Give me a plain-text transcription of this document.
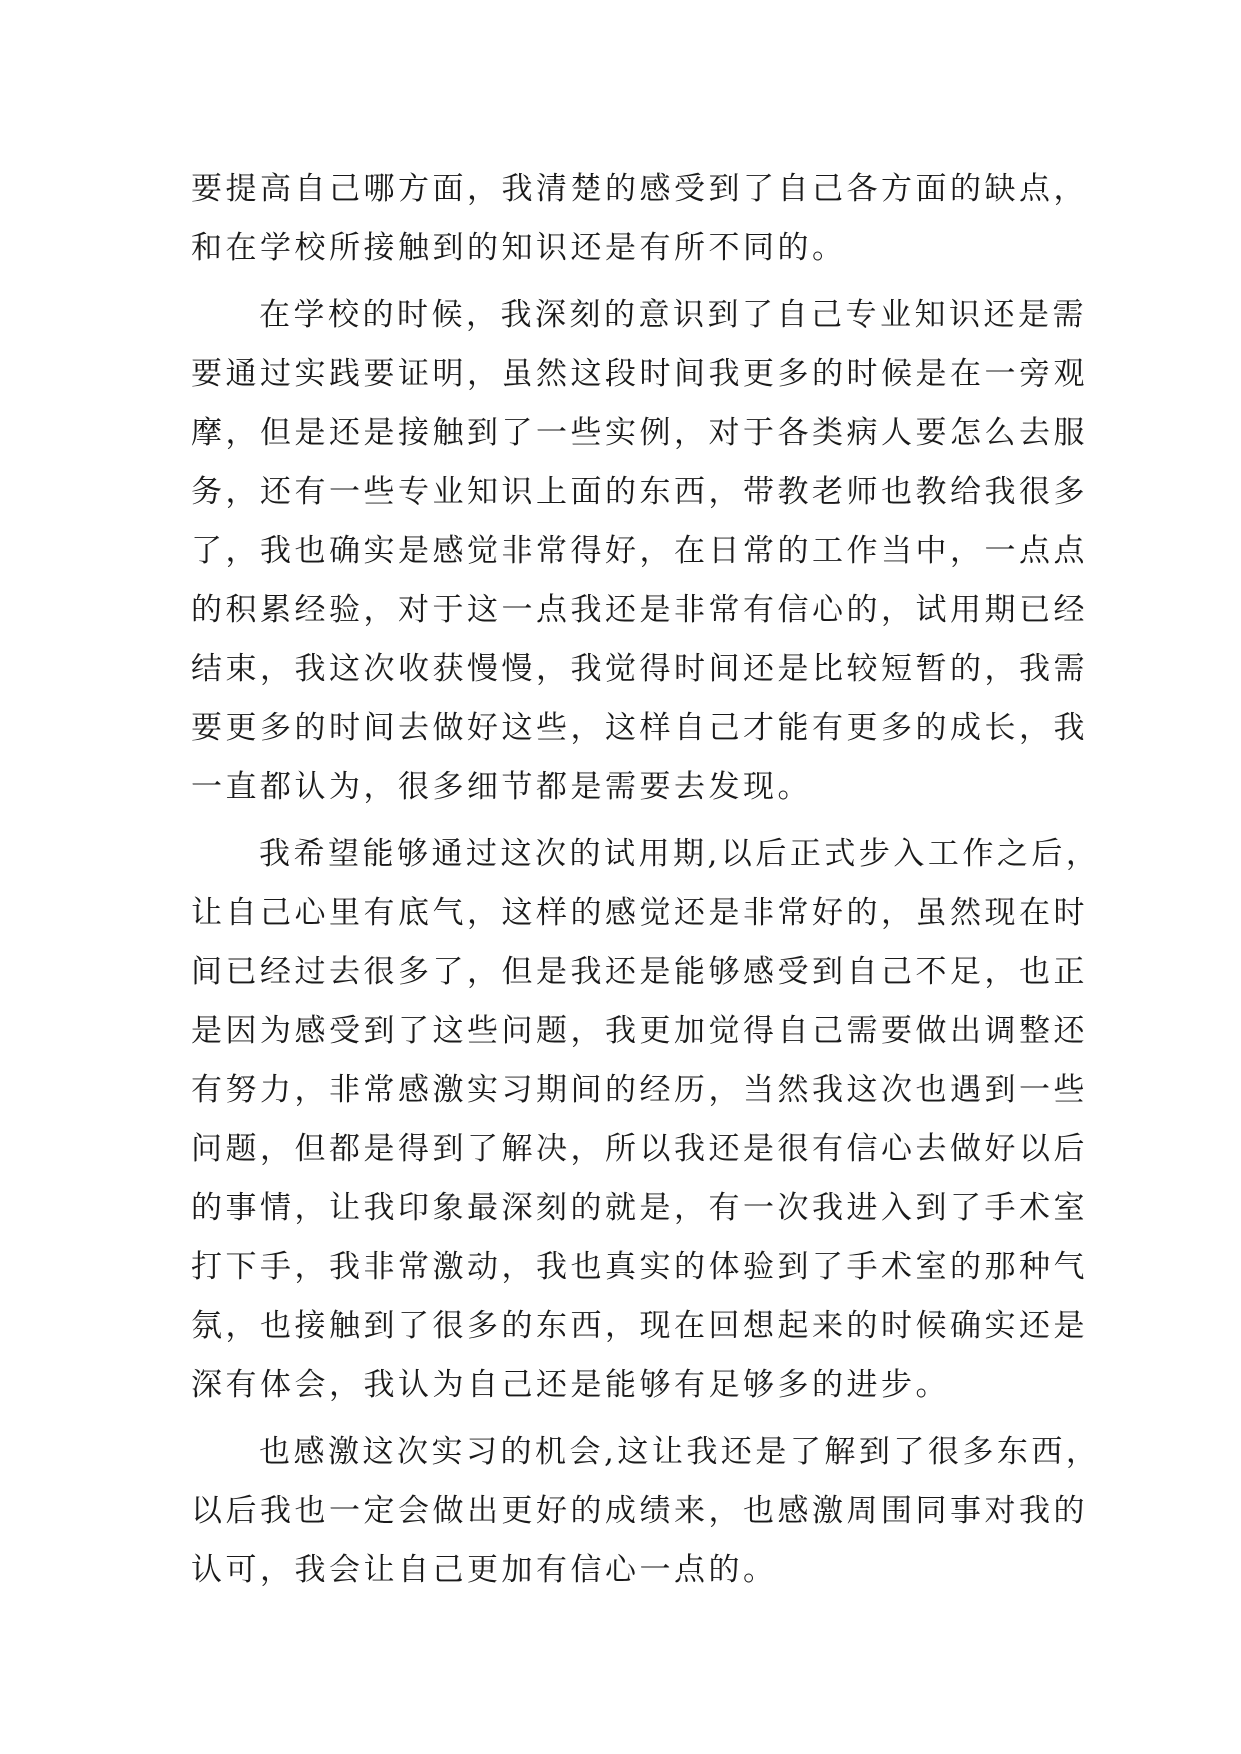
要提高自己哪方面，我清楚的感受到了自己各方面的缺点，
和在学校所接触到的知识还是有所不同的。
在学校的时候，我深刻的意识到了自己专业知识还是需
要通过实践要证明，虽然这段时间我更多的时候是在一旁观
摩，但是还是接触到了一些实例，对于各类病人要怎么去服
务，还有一些专业知识上面的东西，带教老师也教给我很多
了，我也确实是感觉非常得好，在日常的工作当中，一点点
的积累经验，对于这一点我还是非常有信心的，试用期已经
结束，我这次收获慢慢，我觉得时间还是比较短暂的，我需
要更多的时间去做好这些，这样自己才能有更多的成长，我
一直都认为，很多细节都是需要去发现。
我希望能够通过这次的试用期,以后正式步入工作之后，
让自己心里有底气，这样的感觉还是非常好的，虽然现在时
间已经过去很多了，但是我还是能够感受到自己不足，也正
是因为感受到了这些问题，我更加觉得自己需要做出调整还
有努力，非常感激实习期间的经历，当然我这次也遇到一些
问题，但都是得到了解决，所以我还是很有信心去做好以后
的事情，让我印象最深刻的就是，有一次我进入到了手术室
打下手，我非常激动，我也真实的体验到了手术室的那种气
氛，也接触到了很多的东西，现在回想起来的时候确实还是
深有体会，我认为自己还是能够有足够多的进步。
也感激这次实习的机会,这让我还是了解到了很多东西，
以后我也一定会做出更好的成绩来，也感激周围同事对我的
认可，我会让自己更加有信心一点的。
